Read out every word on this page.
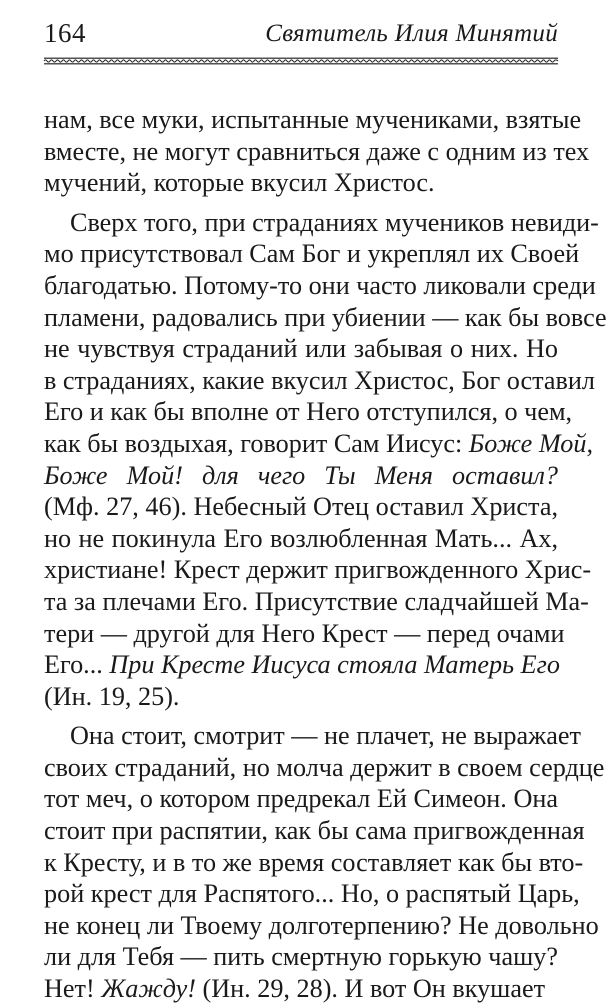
164	Святитель Илия Минятий
нам, все муки, испытанные мучениками, взятые
вместе, не могут сравниться даже с одним из тех
мучений, которые вкусил Христос.
Сверх того, при страданиях мучеников невиди-
мо присутствовал Сам Бог и укреплял их Своей
благодатью. Потому-то они часто ликовали среди
пламени, радовались при убиении — как бы вовсе
не чувствуя страданий или забывая о них. Но
в страданиях, какие вкусил Христос, Бог оставил
Его и как бы вполне от Него отступился, о чем,
как бы воздыхая, говорит Сам Иисус: Боже Мой,
Боже Мой! для чего Ты Меня оставил?
(Мф. 27, 46). Небесный Отец оставил Христа,
но не покинула Его возлюбленная Мать... Ах,
христиане! Крест держит пригвожденного Хрис-
та за плечами Его. Присутствие сладчайшей Ма-
тери — другой для Него Крест — перед очами
Его... При Кресте Иисуса стояла Матерь Его
(Ин. 19, 25).
Она стоит, смотрит — не плачет, не выражает
своих страданий, но молча держит в своем сердце
тот меч, о котором предрекал Ей Симеон. Она
стоит при распятии, как бы сама пригвожденная
к Кресту, и в то же время составляет как бы вто-
рой крест для Распятого... Но, о распятый Царь,
не конец ли Твоему долготерпению? Не довольно
ли для Тебя — пить смертную горькую чашу?
Нет! Жажду! (Ин. 29, 28). И вот Он вкушает
